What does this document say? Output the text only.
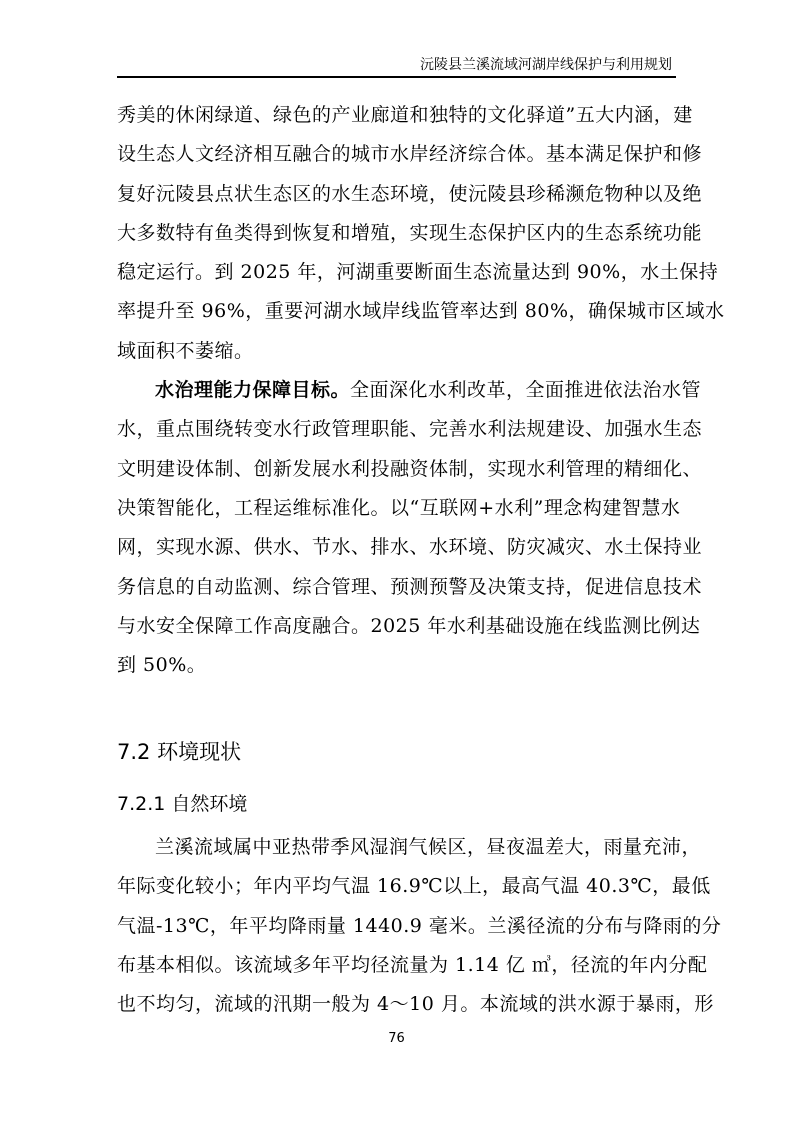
沅陵县兰溪流域河湖岸线保护与利用规划
秀美的休闲绿道、绿色的产业廊道和独特的文化驿道”五大内涵，建
设生态人文经济相互融合的城市水岸经济综合体。基本满足保护和修
复好沅陵县点状生态区的水生态环境，使沅陵县珍稀濒危物种以及绝
大多数特有鱼类得到恢复和增殖，实现生态保护区内的生态系统功能
稳定运行。到 2025 年，河湖重要断面生态流量达到 90%，水土保持
率提升至 96%，重要河湖水域岸线监管率达到 80%，确保城市区域水
域面积不萎缩。
水治理能力保障目标。全面深化水利改革，全面推进依法治水管
水，重点围绕转变水行政管理职能、完善水利法规建设、加强水生态
文明建设体制、创新发展水利投融资体制，实现水利管理的精细化、
决策智能化，工程运维标准化。以“互联网+水利”理念构建智慧水
网，实现水源、供水、节水、排水、水环境、防灾减灾、水土保持业
务信息的自动监测、综合管理、预测预警及决策支持，促进信息技术
与水安全保障工作高度融合。2025 年水利基础设施在线监测比例达
到 50%。
7.2 环境现状
7.2.1 自然环境
兰溪流域属中亚热带季风湿润气候区，昼夜温差大，雨量充沛，
年际变化较小；年内平均气温 16.9℃以上，最高气温 40.3℃，最低
气温-13℃，年平均降雨量 1440.9 毫米。兰溪径流的分布与降雨的分
布基本相似。该流域多年平均径流量为 1.14 亿 ㎥，径流的年内分配
也不均匀，流域的汛期一般为 4～10 月。本流域的洪水源于暴雨，形
76
